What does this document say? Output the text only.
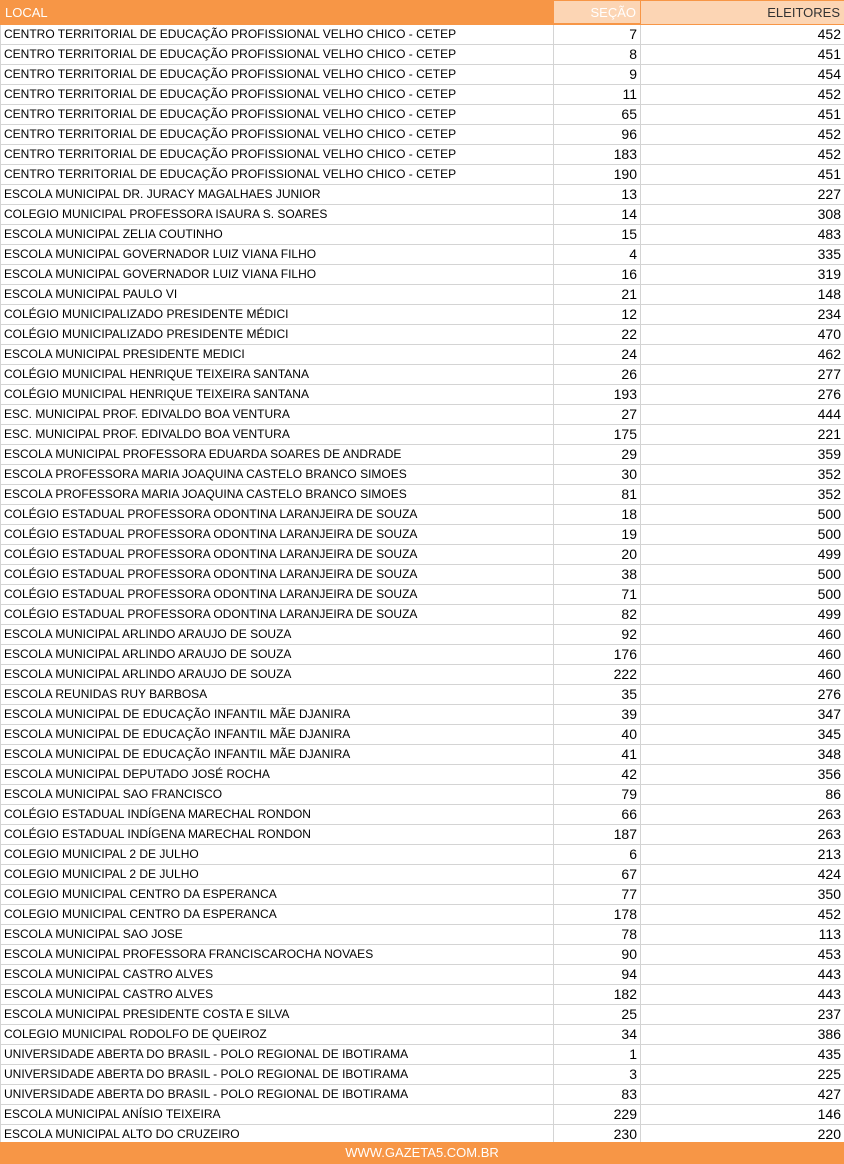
LOCAL	SEÇÃO	ELEITORES
CENTRO TERRITORIAL DE EDUCAÇÃO PROFISSIONAL VELHO CHICO - CETEP	7	452
CENTRO TERRITORIAL DE EDUCAÇÃO PROFISSIONAL VELHO CHICO - CETEP	8	451
CENTRO TERRITORIAL DE EDUCAÇÃO PROFISSIONAL VELHO CHICO - CETEP	9	454
CENTRO TERRITORIAL DE EDUCAÇÃO PROFISSIONAL VELHO CHICO - CETEP	11	452
CENTRO TERRITORIAL DE EDUCAÇÃO PROFISSIONAL VELHO CHICO - CETEP	65	451
CENTRO TERRITORIAL DE EDUCAÇÃO PROFISSIONAL VELHO CHICO - CETEP	96	452
CENTRO TERRITORIAL DE EDUCAÇÃO PROFISSIONAL VELHO CHICO - CETEP	183	452
CENTRO TERRITORIAL DE EDUCAÇÃO PROFISSIONAL VELHO CHICO - CETEP	190	451
ESCOLA MUNICIPAL DR. JURACY MAGALHAES JUNIOR	13	227
COLEGIO MUNICIPAL PROFESSORA ISAURA S. SOARES	14	308
ESCOLA MUNICIPAL ZELIA COUTINHO	15	483
ESCOLA MUNICIPAL GOVERNADOR LUIZ VIANA FILHO	4	335
ESCOLA MUNICIPAL GOVERNADOR LUIZ VIANA FILHO	16	319
ESCOLA MUNICIPAL PAULO VI	21	148
COLÉGIO MUNICIPALIZADO PRESIDENTE MÉDICI	12	234
COLÉGIO MUNICIPALIZADO PRESIDENTE MÉDICI	22	470
ESCOLA MUNICIPAL PRESIDENTE MEDICI	24	462
COLÉGIO MUNICIPAL HENRIQUE TEIXEIRA SANTANA	26	277
COLÉGIO MUNICIPAL HENRIQUE TEIXEIRA SANTANA	193	276
ESC. MUNICIPAL PROF. EDIVALDO BOA VENTURA	27	444
ESC. MUNICIPAL PROF. EDIVALDO BOA VENTURA	175	221
ESCOLA MUNICIPAL PROFESSORA EDUARDA SOARES DE ANDRADE	29	359
ESCOLA PROFESSORA MARIA JOAQUINA CASTELO BRANCO SIMOES	30	352
ESCOLA PROFESSORA MARIA JOAQUINA CASTELO BRANCO SIMOES	81	352
COLÉGIO ESTADUAL PROFESSORA ODONTINA LARANJEIRA DE SOUZA	18	500
COLÉGIO ESTADUAL PROFESSORA ODONTINA LARANJEIRA DE SOUZA	19	500
COLÉGIO ESTADUAL PROFESSORA ODONTINA LARANJEIRA DE SOUZA	20	499
COLÉGIO ESTADUAL PROFESSORA ODONTINA LARANJEIRA DE SOUZA	38	500
COLÉGIO ESTADUAL PROFESSORA ODONTINA LARANJEIRA DE SOUZA	71	500
COLÉGIO ESTADUAL PROFESSORA ODONTINA LARANJEIRA DE SOUZA	82	499
ESCOLA MUNICIPAL ARLINDO ARAUJO DE SOUZA	92	460
ESCOLA MUNICIPAL ARLINDO ARAUJO DE SOUZA	176	460
ESCOLA MUNICIPAL ARLINDO ARAUJO DE SOUZA	222	460
ESCOLA REUNIDAS RUY BARBOSA	35	276
ESCOLA MUNICIPAL DE EDUCAÇÃO INFANTIL MÃE DJANIRA	39	347
ESCOLA MUNICIPAL DE EDUCAÇÃO INFANTIL MÃE DJANIRA	40	345
ESCOLA MUNICIPAL DE EDUCAÇÃO INFANTIL MÃE DJANIRA	41	348
ESCOLA MUNICIPAL DEPUTADO JOSÉ ROCHA	42	356
ESCOLA MUNICIPAL SAO FRANCISCO	79	86
COLÉGIO ESTADUAL INDÍGENA MARECHAL RONDON	66	263
COLÉGIO ESTADUAL INDÍGENA MARECHAL RONDON	187	263
COLEGIO MUNICIPAL 2 DE JULHO	6	213
COLEGIO MUNICIPAL 2 DE JULHO	67	424
COLEGIO MUNICIPAL CENTRO DA ESPERANCA	77	350
COLEGIO MUNICIPAL CENTRO DA ESPERANCA	178	452
ESCOLA MUNICIPAL SAO JOSE	78	113
ESCOLA MUNICIPAL PROFESSORA FRANCISCAROCHA NOVAES	90	453
ESCOLA MUNICIPAL CASTRO ALVES	94	443
ESCOLA MUNICIPAL CASTRO ALVES	182	443
ESCOLA MUNICIPAL PRESIDENTE COSTA E SILVA	25	237
COLEGIO MUNICIPAL RODOLFO DE QUEIROZ	34	386
UNIVERSIDADE ABERTA DO BRASIL - POLO REGIONAL DE IBOTIRAMA	1	435
UNIVERSIDADE ABERTA DO BRASIL - POLO REGIONAL DE IBOTIRAMA	3	225
UNIVERSIDADE ABERTA DO BRASIL - POLO REGIONAL DE IBOTIRAMA	83	427
ESCOLA MUNICIPAL ANÍSIO TEIXEIRA	229	146
ESCOLA MUNICIPAL ALTO DO CRUZEIRO	230	220
WWW.GAZETA5.COM.BR
